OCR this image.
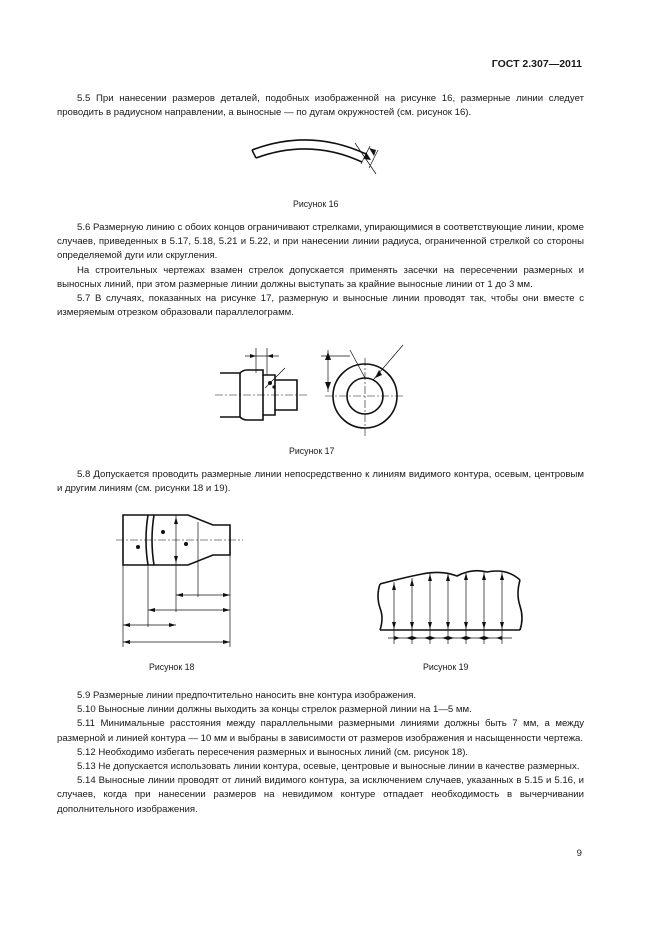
ГОСТ 2.307—2011

5.5 При нанесении размеров деталей, подобных изображенной на рисунке 16, размерные линии следует проводить в радиусном направлении, а выносные — по дугам окружностей (см. рисунок 16).

Рисунок 16

5.6 Размерную линию с обоих концов ограничивают стрелками, упирающимися в соответствующие линии, кроме случаев, приведенных в 5.17, 5.18, 5.21 и 5.22, и при нанесении линии радиуса, ограниченной стрелкой со стороны определяемой дуги или скругления.

На строительных чертежах взамен стрелок допускается применять засечки на пересечении размерных и выносных линий, при этом размерные линии должны выступать за крайние выносные линии от 1 до 3 мм.

5.7 В случаях, показанных на рисунке 17, размерную и выносные линии проводят так, чтобы они вместе с измеряемым отрезком образовали параллелограмм.

Рисунок 17

5.8 Допускается проводить размерные линии непосредственно к линиям видимого контура, осевым, центровым и другим линиям (см. рисунки 18 и 19).

Рисунок 18	Рисунок 19

5.9 Размерные линии предпочтительно наносить вне контура изображения.

5.10 Выносные линии должны выходить за концы стрелок размерной линии на 1—5 мм.

5.11 Минимальные расстояния между параллельными размерными линиями должны быть 7 мм, а между размерной и линией контура — 10 мм и выбраны в зависимости от размеров изображения и насыщенности чертежа.

5.12 Необходимо избегать пересечения размерных и выносных линий (см. рисунок 18).

5.13 Не допускается использовать линии контура, осевые, центровые и выносные линии в качестве размерных.

5.14 Выносные линии проводят от линий видимого контура, за исключением случаев, указанных в 5.15 и 5.16, и случаев, когда при нанесении размеров на невидимом контуре отпадает необходимость в вычерчивании дополнительного изображения.

9
